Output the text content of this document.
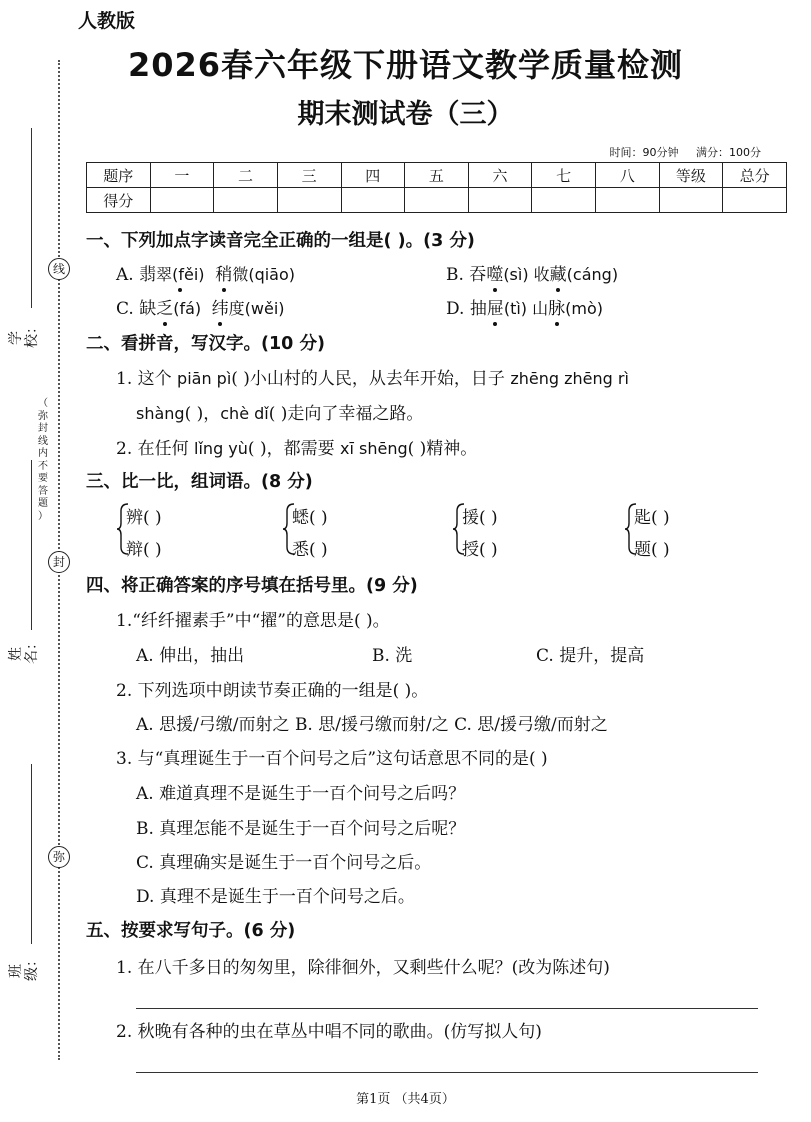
学校：
姓名：
班级：
线
封
弥
（
弥
封
线
内
不
要
答
题
）
人教版
2026春六年级下册语文教学质量检测
期末测试卷（三）
时间：90分钟 满分：100分
题序	一	二	三	四	五	六	七	八	等级	总分
得分										
一、下列加点字读音完全正确的一组是( )。(3 分)
A. 翡翠(fěi) 稍微(qiāo)	B. 吞噬(sì) 收藏(cáng)
C. 缺乏(fá)  纬度(wěi)	D. 抽屉(tì) 山脉(mò)
二、看拼音，写汉字。(10 分)
1. 这个 piān pì( )小山村的人民，从去年开始，日子 zhēng zhēng rì
shàng( )，chè dǐ( )走向了幸福之路。
2. 在任何 lǐng yù( )，都需要 xī shēng( )精神。
三、比一比，组词语。(8 分)
辨( )
辩( )
蟋( )
悉( )
援( )
授( )
匙( )
题( )
四、将正确答案的序号填在括号里。(9 分)
1.“纤纤擢素手”中“擢”的意思是( )。
A. 伸出，抽出	B. 洗	C. 提升，提高
2. 下列选项中朗读节奏正确的一组是( )。
A. 思援/弓缴/而射之 B. 思/援弓缴而射/之 C. 思/援弓缴/而射之
3. 与“真理诞生于一百个问号之后”这句话意思不同的是( )
A. 难道真理不是诞生于一百个问号之后吗？
B. 真理怎能不是诞生于一百个问号之后呢？
C. 真理确实是诞生于一百个问号之后。
D. 真理不是诞生于一百个问号之后。
五、按要求写句子。(6 分)
1. 在八千多日的匆匆里，除徘徊外，又剩些什么呢？(改为陈述句)
2. 秋晚有各种的虫在草丛中唱不同的歌曲。(仿写拟人句)
第1页 （共4页）
